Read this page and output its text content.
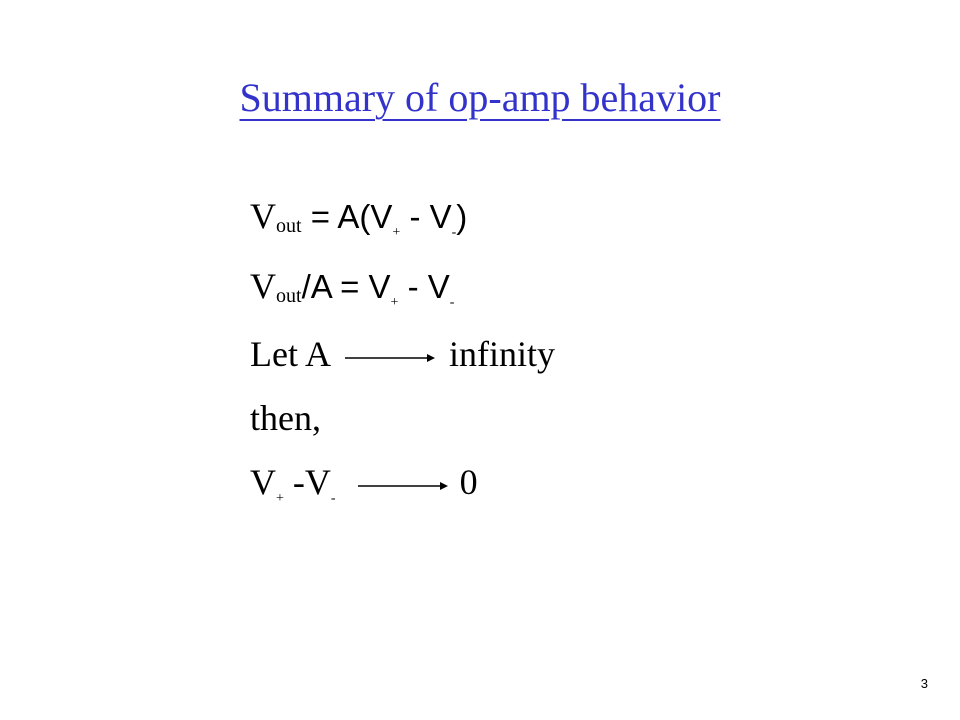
Summary of op-amp behavior
Vout = $A(V_+ - V_-)$
Vout/A = $V_+ - V_-$
Let A	infinity
then,
$V_+$ $-V_-$	0
3
